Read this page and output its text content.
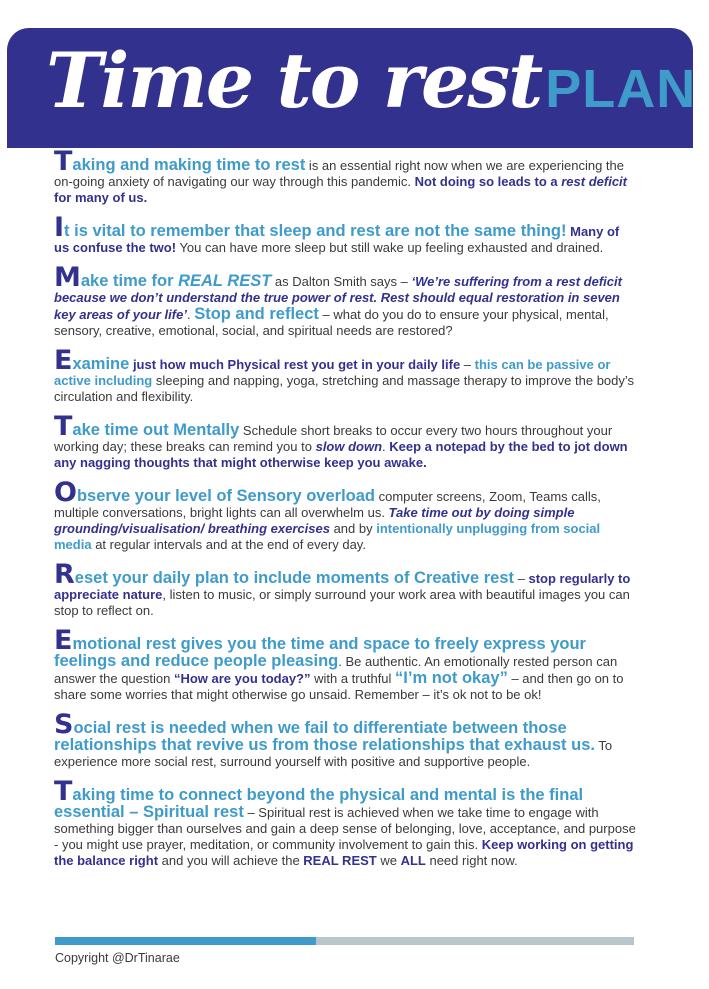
Time to restPLAN
Taking and making time to rest is an essential right now when we are experiencing the on-going anxiety of navigating our way through this pandemic. Not doing so leads to a rest deficit for many of us.
It is vital to remember that sleep and rest are not the same thing! Many of us confuse the two! You can have more sleep but still wake up feeling exhausted and drained.
Make time for REAL REST as Dalton Smith says – ‘We’re suffering from a rest deficit because we don’t understand the true power of rest. Rest should equal restoration in seven key areas of your life’. Stop and reflect – what do you do to ensure your physical, mental, sensory, creative, emotional, social, and spiritual needs are restored?
Examine just how much Physical rest you get in your daily life – this can be passive or active including sleeping and napping, yoga, stretching and massage therapy to improve the body’s circulation and flexibility.
Take time out Mentally Schedule short breaks to occur every two hours throughout your working day; these breaks can remind you to slow down. Keep a notepad by the bed to jot down any nagging thoughts that might otherwise keep you awake.
Observe your level of Sensory overload computer screens, Zoom, Teams calls, multiple conversations, bright lights can all overwhelm us. Take time out by doing simple grounding/visualisation/ breathing exercises and by intentionally unplugging from social media at regular intervals and at the end of every day.
Reset your daily plan to include moments of Creative rest – stop regularly to appreciate nature, listen to music, or simply surround your work area with beautiful images you can stop to reflect on.
Emotional rest gives you the time and space to freely express your feelings and reduce people pleasing. Be authentic. An emotionally rested person can answer the question “How are you today?” with a truthful “I’m not okay” – and then go on to share some worries that might otherwise go unsaid. Remember – it’s ok not to be ok!
Social rest is needed when we fail to differentiate between those relationships that revive us from those relationships that exhaust us. To experience more social rest, surround yourself with positive and supportive people.
Taking time to connect beyond the physical and mental is the final essential – Spiritual rest – Spiritual rest is achieved when we take time to engage with something bigger than ourselves and gain a deep sense of belonging, love, acceptance, and purpose - you might use prayer, meditation, or community involvement to gain this. Keep working on getting the balance right and you will achieve the REAL REST we ALL need right now.
Copyright @DrTinarae
